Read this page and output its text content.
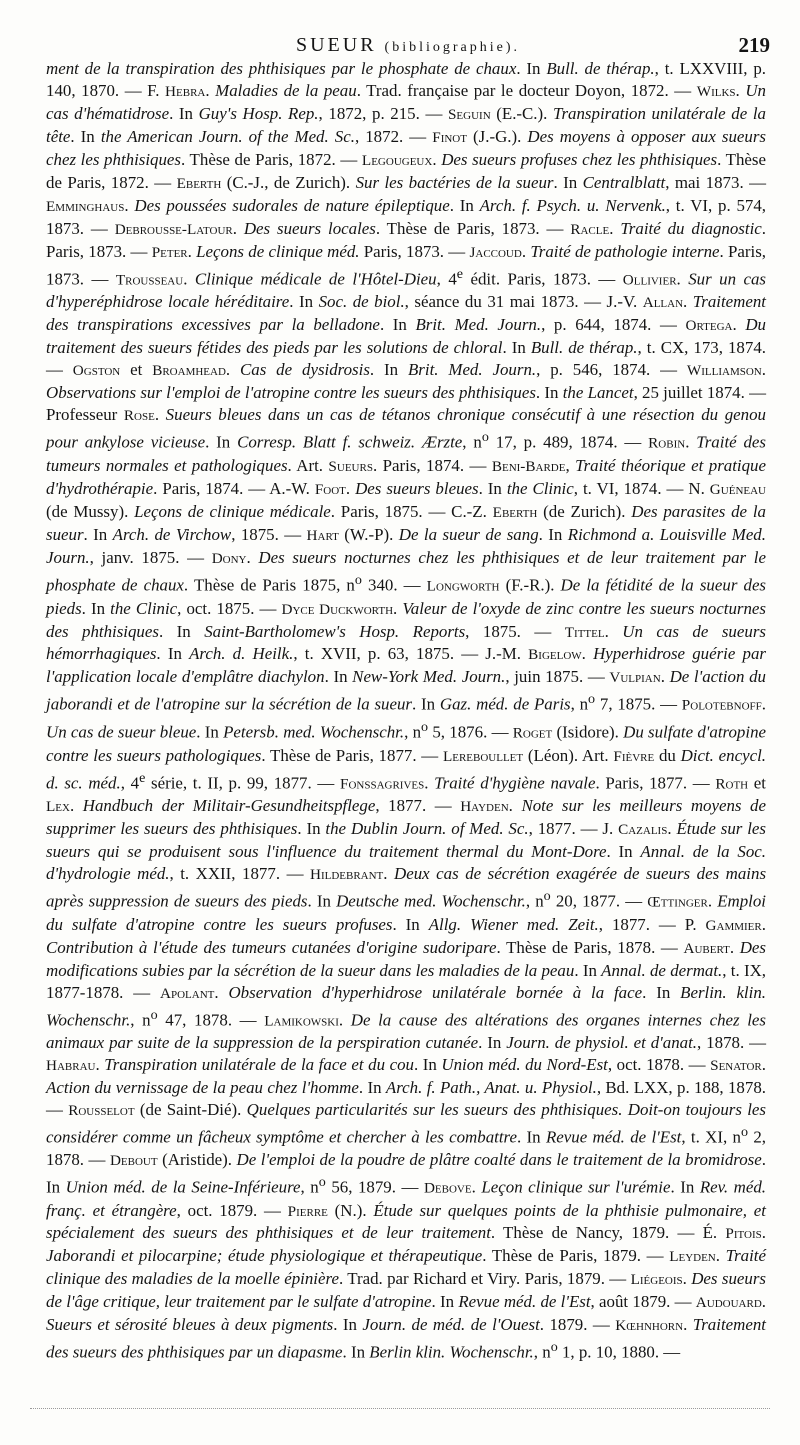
SUEUR (bibliographie).	219

ment de la transpiration des phthisiques par le phosphate de chaux. In Bull. de thérap., t. LXXVIII, p. 140, 1870. — F. Hebra. Maladies de la peau. Trad. française par le docteur Doyon, 1872. — Wilks. Un cas d'hématidrose. In Guy's Hosp. Rep., 1872, p. 215. — Seguin (E.-C.). Transpiration unilatérale de la tête. In the American Journ. of the Med. Sc., 1872. — Finot (J.-G.). Des moyens à opposer aux sueurs chez les phthisiques. Thèse de Paris, 1872. — Legougeux. Des sueurs profuses chez les phthisiques. Thèse de Paris, 1872. — Eberth (C.-J., de Zurich). Sur les bactéries de la sueur. In Centralblatt, mai 1873. — Emminghaus. Des poussées sudorales de nature épileptique. In Arch. f. Psych. u. Nervenk., t. VI, p. 574, 1873. — Debrousse-Latour. Des sueurs locales. Thèse de Paris, 1873. — Racle. Traité du diagnostic. Paris, 1873. — Peter. Leçons de clinique méd. Paris, 1873. — Jaccoud. Traité de pathologie interne. Paris, 1873. — Trousseau. Clinique médicale de l'Hôtel-Dieu, 4e édit. Paris, 1873. — Ollivier. Sur un cas d'hyperéphidrose locale héréditaire. In Soc. de biol., séance du 31 mai 1873. — J.-V. Allan. Traitement des transpirations excessives par la belladone. In Brit. Med. Journ., p. 644, 1874. — Ortega. Du traitement des sueurs fétides des pieds par les solutions de chloral. In Bull. de thérap., t. CX, 173, 1874. — Ogston et Broamhead. Cas de dysidrosis. In Brit. Med. Journ., p. 546, 1874. — Williamson. Observations sur l'emploi de l'atropine contre les sueurs des phthisiques. In the Lancet, 25 juillet 1874. — Professeur Rose. Sueurs bleues dans un cas de tétanos chronique consécutif à une résection du genou pour ankylose vicieuse. In Corresp. Blatt f. schweiz. Ærzte, $n^o$ 17, p. 489, 1874. — Robin. Traité des tumeurs normales et pathologiques. Art. Sueurs. Paris, 1874. — Beni-Barde, Traité théorique et pratique d'hydrothérapie. Paris, 1874. — A.-W. Foot. Des sueurs bleues. In the Clinic, t. VI, 1874. — N. Guéneau (de Mussy). Leçons de clinique médicale. Paris, 1875. — C.-Z. Eberth (de Zurich). Des parasites de la sueur. In Arch. de Virchow, 1875. — Hart (W.-P). De la sueur de sang. In Richmond a. Louisville Med. Journ., janv. 1875. — Dony. Des sueurs nocturnes chez les phthisiques et de leur traitement par le phosphate de chaux. Thèse de Paris 1875, $n^o$ 340. — Longworth (F.-R.). De la fétidité de la sueur des pieds. In the Clinic, oct. 1875. — Dyce Duckworth. Valeur de l'oxyde de zinc contre les sueurs nocturnes des phthisiques. In Saint-Bartholomew's Hosp. Reports, 1875. — Tittel. Un cas de sueurs hémorrhagiques. In Arch. d. Heilk., t. XVII, p. 63, 1875. — J.-M. Bigelow. Hyperhidrose guérie par l'application locale d'emplâtre diachylon. In New-York Med. Journ., juin 1875. — Vulpian. De l'action du jaborandi et de l'atropine sur la sécrétion de la sueur. In Gaz. méd. de Paris, $n^o$ 7, 1875. — Polotebnoff. Un cas de sueur bleue. In Petersb. med. Wochenschr., $n^o$ 5, 1876. — Roget (Isidore). Du sulfate d'atropine contre les sueurs pathologiques. Thèse de Paris, 1877. — Lereboullet (Léon). Art. Fièvre du Dict. encycl. d. sc. méd., 4e série, t. II, p. 99, 1877. — Fonssagrives. Traité d'hygiène navale. Paris, 1877. — Roth et Lex. Handbuch der Militair-Gesundheitspflege, 1877. — Hayden. Note sur les meilleurs moyens de supprimer les sueurs des phthisiques. In the Dublin Journ. of Med. Sc., 1877. — J. Cazalis. Étude sur les sueurs qui se produisent sous l'influence du traitement thermal du Mont-Dore. In Annal. de la Soc. d'hydrologie méd., t. XXII, 1877. — Hildebrant. Deux cas de sécrétion exagérée de sueurs des mains après suppression de sueurs des pieds. In Deutsche med. Wochenschr., $n^o$ 20, 1877. — Œttinger. Emploi du sulfate d'atropine contre les sueurs profuses. In Allg. Wiener med. Zeit., 1877. — P. Gammier. Contribution à l'étude des tumeurs cutanées d'origine sudoripare. Thèse de Paris, 1878. — Aubert. Des modifications subies par la sécrétion de la sueur dans les maladies de la peau. In Annal. de dermat., t. IX, 1877-1878. — Apolant. Observation d'hyperhidrose unilatérale bornée à la face. In Berlin. klin. Wochenschr., $n^o$ 47, 1878. — Lamikowski. De la cause des altérations des organes internes chez les animaux par suite de la suppression de la perspiration cutanée. In Journ. de physiol. et d'anat., 1878. — Habrau. Transpiration unilatérale de la face et du cou. In Union méd. du Nord-Est, oct. 1878. — Senator. Action du vernissage de la peau chez l'homme. In Arch. f. Path., Anat. u. Physiol., Bd. LXX, p. 188, 1878. — Rousselot (de Saint-Dié). Quelques particularités sur les sueurs des phthisiques. Doit-on toujours les considérer comme un fâcheux symptôme et chercher à les combattre. In Revue méd. de l'Est, t. XI, $n^o$ 2, 1878. — Debout (Aristide). De l'emploi de la poudre de plâtre coalté dans le traitement de la bromidrose. In Union méd. de la Seine-Inférieure, $n^o$ 56, 1879. — Debove. Leçon clinique sur l'urémie. In Rev. méd. franç. et étrangère, oct. 1879. — Pierre (N.). Étude sur quelques points de la phthisie pulmonaire, et spécialement des sueurs des phthisiques et de leur traitement. Thèse de Nancy, 1879. — É. Pitois. Jaborandi et pilocarpine; étude physiologique et thérapeutique. Thèse de Paris, 1879. — Leyden. Traité clinique des maladies de la moelle épinière. Trad. par Richard et Viry. Paris, 1879. — Liégeois. Des sueurs de l'âge critique, leur traitement par le sulfate d'atropine. In Revue méd. de l'Est, août 1879. — Audouard. Sueurs et sérosité bleues à deux pigments. In Journ. de méd. de l'Ouest. 1879. — Kœhnhorn. Traitement des sueurs des phthisiques par un diapasme. In Berlin klin. Wochenschr., $n^o$ 1, p. 10, 1880. —
